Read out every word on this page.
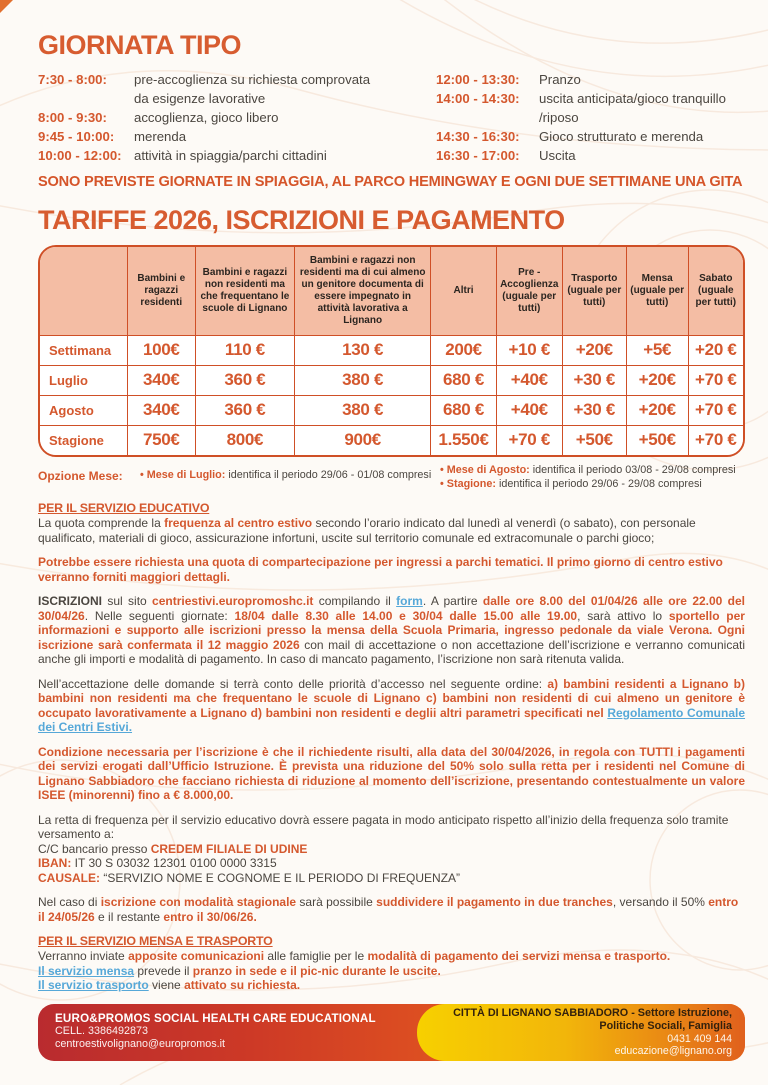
GIORNATA TIPO
7:30 - 8:00:	pre-accoglienza su richiesta comprovata da esigenze lavorative
8:00 - 9:30:	accoglienza, gioco libero
9:45 - 10:00:	merenda
10:00 - 12:00: attività in spiaggia/parchi cittadini
12:00 - 13:30:	Pranzo
14:00 - 14:30:	uscita anticipata/gioco tranquillo /riposo
14:30 - 16:30:	Gioco strutturato e merenda
16:30 - 17:00:	Uscita
SONO PREVISTE GIORNATE IN SPIAGGIA, AL PARCO HEMINGWAY E OGNI DUE SETTIMANE UNA GITA
TARIFFE 2026, ISCRIZIONI E PAGAMENTO
	Bambini e ragazzi residenti	Bambini e ragazzi non residenti ma che frequentano le scuole di Lignano	Bambini e ragazzi non residenti ma di cui almeno un genitore documenta di essere impegnato in attività lavorativa a Lignano	Altri	Pre - Accoglienza (uguale per tutti)	Trasporto (uguale per tutti)	Mensa (uguale per tutti)	Sabato (uguale per tutti)
Settimana	100€	110 €	130 €	200€	+10 €	+20€	+5€	+20 €
Luglio	340€	360 €	380 €	680 €	+40€	+30 €	+20€	+70 €
Agosto	340€	360 €	380 €	680 €	+40€	+30 €	+20€	+70 €
Stagione	750€	800€	900€	1.550€	+70 €	+50€	+50€	+70 €
Opzione Mese:	• Mese di Luglio: identifica il periodo 29/06 - 01/08 compresi • Mese di Agosto: identifica il periodo 03/08 - 29/08 compresi
• Stagione: identifica il periodo 29/06 - 29/08 compresi
PER IL SERVIZIO EDUCATIVO

La quota comprende la frequenza al centro estivo secondo l’orario indicato dal lunedì al venerdì (o sabato), con personale qualificato, materiali di gioco, assicurazione infortuni, uscite sul territorio comunale ed extracomunale o parchi gioco;

Potrebbe essere richiesta una quota di compartecipazione per ingressi a parchi tematici. Il primo giorno di centro estivo verranno forniti maggiori dettagli.

ISCRIZIONI sul sito centriestivi.europromoshc.it compilando il form. A partire dalle ore 8.00 del 01/04/26 alle ore 22.00 del 30/04/26. Nelle seguenti giornate: 18/04 dalle 8.30 alle 14.00 e 30/04 dalle 15.00 alle 19.00, sarà attivo lo sportello per informazioni e supporto alle iscrizioni presso la mensa della Scuola Primaria, ingresso pedonale da viale Verona. Ogni iscrizione sarà confermata il 12 maggio 2026 con mail di accettazione o non accettazione dell’iscrizione e verranno comunicati anche gli importi e modalità di pagamento. In caso di mancato pagamento, l’iscrizione non sarà ritenuta valida.

Nell’accettazione delle domande si terrà conto delle priorità d’accesso nel seguente ordine: a) bambini residenti a Lignano b) bambini non residenti ma che frequentano le scuole di Lignano c) bambini non residenti di cui almeno un genitore è occupato lavorativamente a Lignano d) bambini non residenti e deglii altri parametri specificati nel Regolamento Comunale dei Centri Estivi.

Condizione necessaria per l’iscrizione è che il richiedente risulti, alla data del 30/04/2026, in regola con TUTTI i pagamenti dei servizi erogati dall’Ufficio Istruzione. È prevista una riduzione del 50% solo sulla retta per i residenti nel Comune di Lignano Sabbiadoro che facciano richiesta di riduzione al momento dell’iscrizione, presentando contestualmente un valore ISEE (minorenni) fino a € 8.000,00.

La retta di frequenza per il servizio educativo dovrà essere pagata in modo anticipato rispetto all’inizio della frequenza solo tramite versamento a:

C/C bancario presso CREDEM FILIALE DI UDINE

IBAN: IT 30 S 03032 12301 0100 0000 3315

CAUSALE: “SERVIZIO NOME E COGNOME E IL PERIODO DI FREQUENZA”

Nel caso di iscrizione con modalità stagionale sarà possibile suddividere il pagamento in due tranches, versando il 50% entro il 24/05/26 e il restante entro il 30/06/26.

PER IL SERVIZIO MENSA E TRASPORTO

Verranno inviate apposite comunicazioni alle famiglie per le modalità di pagamento dei servizi mensa e trasporto.

Il servizio mensa prevede il pranzo in sede e il pic-nic durante le uscite.

Il servizio trasporto viene attivato su richiesta.

EURO&PROMOS SOCIAL HEALTH CARE EDUCATIONAL
CELL. 3386492873
centroestivolignano@europromos.it
CITTÀ DI LIGNANO SABBIADORO - Settore Istruzione,
Politiche Sociali, Famiglia
0431 409 144
educazione@lignano.org
